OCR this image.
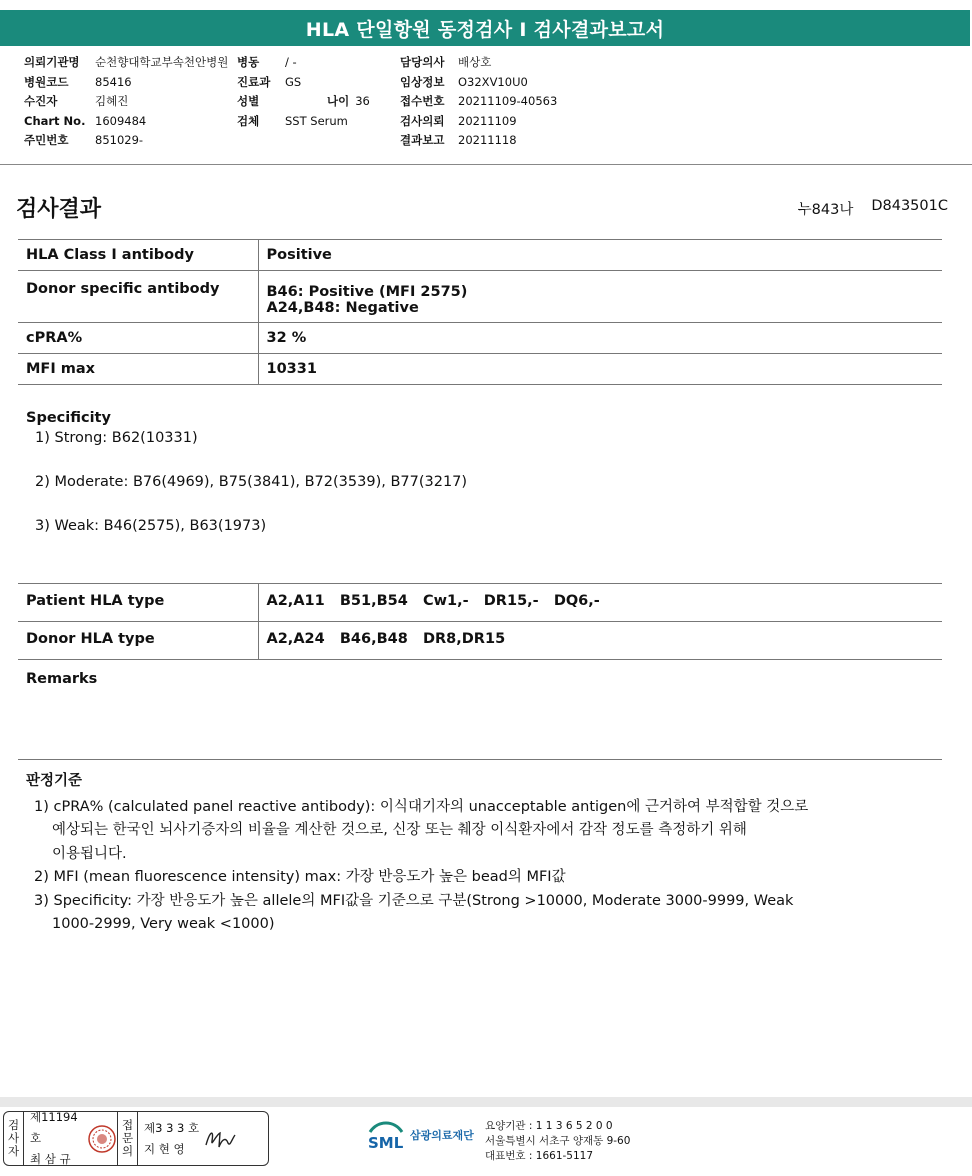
HLA 단일항원 동정검사 I 검사결과보고서
의뢰기관명	순천향대학교부속천안병원
병원코드	85416
수진자	김혜진
Chart No. 1609484
주민번호	851029-
병동	/ -
진료과	GS
성별	나이 36
검체	SST Serum
담당의사	배상호
임상정보	O32XV10U0
접수번호	20211109-40563
검사의뢰	20211109
결과보고	20211118
검사결과	누843나 D843501C
HLA Class I antibody	Positive
Donor specific antibody	B46: Positive (MFI 2575)
A24,B48: Negative

cPRA%	32 %
MFI max	10331
Specificity
1) Strong: B62(10331)
2) Moderate: B76(4969), B75(3841), B72(3539), B77(3217)
3) Weak: B46(2575), B63(1973)
Patient HLA type	A2,A11   B51,B54   Cw1,-   DR15,-   DQ6,-
Donor HLA type	A2,A24   B46,B48   DR8,DR15
Remarks
판정기준
1) cPRA% (calculated panel reactive antibody): 이식대기자의 unacceptable antigen에 근거하여 부적합할 것으로
예상되는 한국인 뇌사기증자의 비율을 계산한 것으로, 신장 또는 췌장 이식환자에서 감작 정도를 측정하기 위해
이용됩니다.
2) MFI (mean fluorescence intensity) max: 가장 반응도가 높은 bead의 MFI값
3) Specificity: 가장 반응도가 높은 allele의 MFI값을 기준으로 구분(Strong >10000, Moderate 3000-9999, Weak
1000-2999, Very weak <1000)
검
사
자
제11194호
최 삼 규
접
문
의
제3 3 3 호
지 현 영	SML 삼광의료재단
요양기관 : 1 1 3 6 5 2 0 0
서울특별시 서초구 양재동 9-60
대표번호 : 1661-5117
